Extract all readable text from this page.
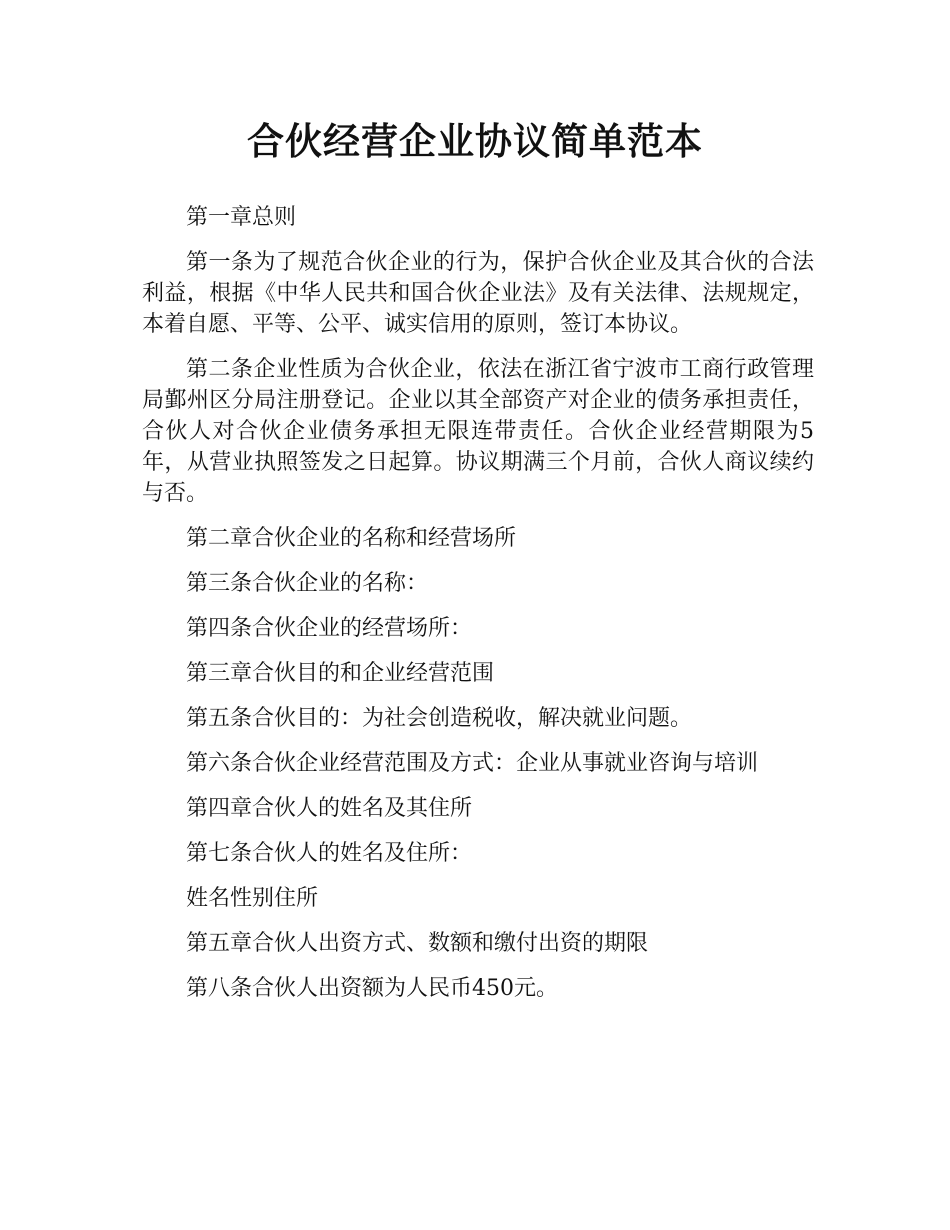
合伙经营企业协议简单范本

第一章总则

第一条为了规范合伙企业的行为，保护合伙企业及其合伙的合法利益，根据《中华人民共和国合伙企业法》及有关法律、法规规定，本着自愿、平等、公平、诚实信用的原则，签订本协议。

第二条企业性质为合伙企业，依法在浙江省宁波市工商行政管理局鄞州区分局注册登记。企业以其全部资产对企业的债务承担责任，合伙人对合伙企业债务承担无限连带责任。合伙企业经营期限为5年，从营业执照签发之日起算。协议期满三个月前，合伙人商议续约与否。

第二章合伙企业的名称和经营场所

第三条合伙企业的名称：

第四条合伙企业的经营场所：

第三章合伙目的和企业经营范围

第五条合伙目的：为社会创造税收，解决就业问题。

第六条合伙企业经营范围及方式：企业从事就业咨询与培训

第四章合伙人的姓名及其住所

第七条合伙人的姓名及住所：

姓名性别住所

第五章合伙人出资方式、数额和缴付出资的期限

第八条合伙人出资额为人民币450元。
